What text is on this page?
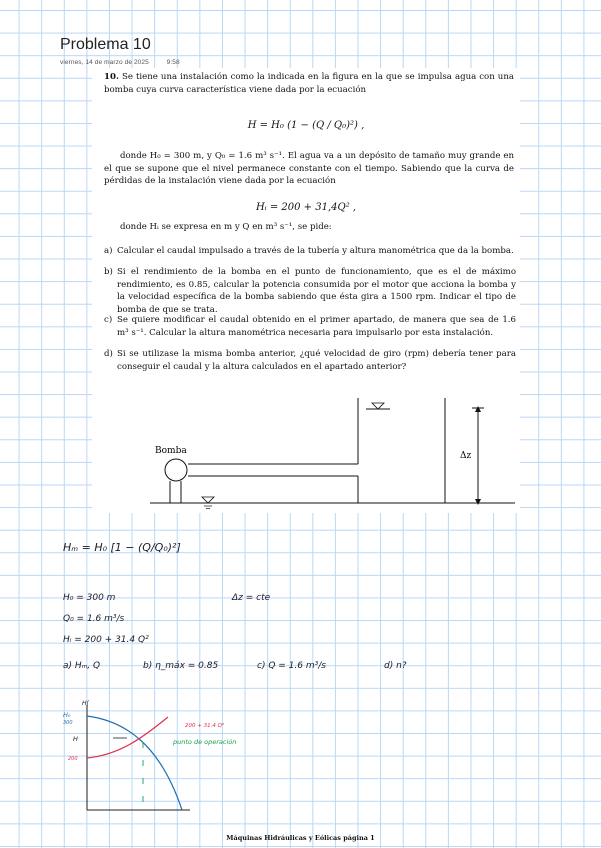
Problema 10
viernes, 14 de marzo de 2025	9:58
10. Se tiene una instalación como la indicada en la figura en la que se impulsa agua con una bomba cuya curva característica viene dada por la ecuación
H = H₀ (1 − (Q / Q₀)²) ,
donde H₀ = 300 m, y Q₀ = 1.6 m³ s⁻¹. El agua va a un depósito de tamaño muy grande en el que se supone que el nivel permanece constante con el tiempo. Sabiendo que la curva de pérdidas de la instalación viene dada por la ecuación
Hᵢ = 200 + 31,4Q² ,
donde Hᵢ se expresa en m y Q en m³ s⁻¹, se pide:
a) Calcular el caudal impulsado a través de la tubería y altura manométrica que da la bomba.
b) Si el rendimiento de la bomba en el punto de funcionamiento, que es el de máximo rendimiento, es 0.85, calcular la potencia consumida por el motor que acciona la bomba y la velocidad específica de la bomba sabiendo que ésta gira a 1500 rpm. Indicar el tipo de bomba de que se trata.
c) Se quiere modificar el caudal obtenido en el primer apartado, de manera que sea de 1.6 m³ s⁻¹. Calcular la altura manométrica necesaria para impulsarlo por esta instalación.
d) Si se utilizase la misma bomba anterior, ¿qué velocidad de giro (rpm) debería tener para conseguir el caudal y la altura calculados en el apartado anterior?
Bomba	Δz
Hₘ = H₀ [1 − (Q/Q₀)²]
H₀ = 300 m	Δz = cte
Q₀ = 1.6 m³/s
Hᵢ = 200 + 31.4 Q²
a) Hₘ, Q	b) η_máx = 0.85	c) Q = 1.6 m³/s	d) n?
H(
H₀
300
H
200
200 + 31.4 Q²
punto de operación
Máquinas Hidráulicas y Eólicas página 1
